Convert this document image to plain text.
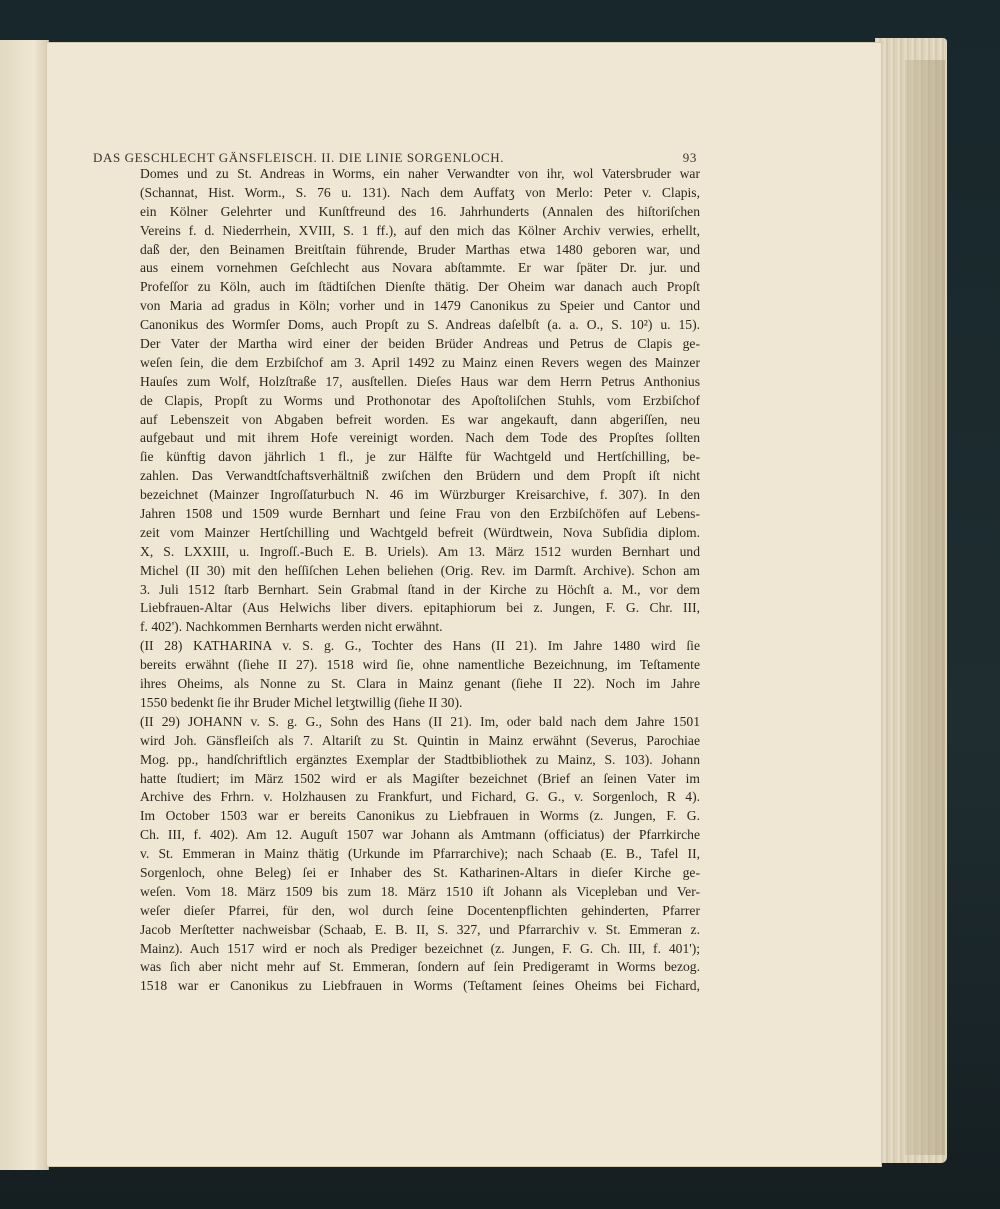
DAS GESCHLECHT GÄNSFLEISCH. II. DIE LINIE SORGENLOCH.	93
Domes und zu St. Andreas in Worms, ein naher Verwandter von ihr, wol Vatersbruder war
(Schannat, Hist. Worm., S. 76 u. 131). Nach dem Auffatʒ von Merlo: Peter v. Clapis,
ein Kölner Gelehrter und Kunſtfreund des 16. Jahrhunderts (Annalen des hiſtoriſchen
Vereins f. d. Niederrhein, XVIII, S. 1 ff.), auf den mich das Kölner Archiv verwies, erhellt,
daß der, den Beinamen Breitſtain führende, Bruder Marthas etwa 1480 geboren war, und
aus einem vornehmen Geſchlecht aus Novara abſtammte. Er war ſpäter Dr. jur. und
Profeſſor zu Köln, auch im ſtädtiſchen Dienſte thätig. Der Oheim war danach auch Propſt
von Maria ad gradus in Köln; vorher und in 1479 Canonikus zu Speier und Cantor und
Canonikus des Wormſer Doms, auch Propſt zu S. Andreas daſelbſt (a. a. O., S. 10²) u. 15).
Der Vater der Martha wird einer der beiden Brüder Andreas und Petrus de Clapis ge-
weſen ſein, die dem Erzbiſchof am 3. April 1492 zu Mainz einen Revers wegen des Mainzer
Hauſes zum Wolf, Holzſtraße 17, ausſtellen. Dieſes Haus war dem Herrn Petrus Anthonius
de Clapis, Propſt zu Worms und Prothonotar des Apoſtoliſchen Stuhls, vom Erzbiſchof
auf Lebenszeit von Abgaben befreit worden. Es war angekauft, dann abgeriſſen, neu
aufgebaut und mit ihrem Hofe vereinigt worden. Nach dem Tode des Propſtes ſollten
ſie künftig davon jährlich 1 fl., je zur Hälfte für Wachtgeld und Hertſchilling, be-
zahlen. Das Verwandtſchaftsverhältniß zwiſchen den Brüdern und dem Propſt iſt nicht
bezeichnet (Mainzer Ingroſſaturbuch N. 46 im Würzburger Kreisarchive, f. 307). In den
Jahren 1508 und 1509 wurde Bernhart und ſeine Frau von den Erzbiſchöfen auf Lebens-
zeit vom Mainzer Hertſchilling und Wachtgeld befreit (Würdtwein, Nova Subſidia diplom.
X, S. LXXIII, u. Ingroſſ.-Buch E. B. Uriels). Am 13. März 1512 wurden Bernhart und
Michel (II 30) mit den heſſiſchen Lehen beliehen (Orig. Rev. im Darmſt. Archive). Schon am
3. Juli 1512 ſtarb Bernhart. Sein Grabmal ſtand in der Kirche zu Höchſt a. M., vor dem
Liebfrauen-Altar (Aus Helwichs liber divers. epitaphiorum bei z. Jungen, F. G. Chr. III,
f. 402'). Nachkommen Bernharts werden nicht erwähnt.
(II 28) KATHARINA v. S. g. G., Tochter des Hans (II 21). Im Jahre 1480 wird ſie
bereits erwähnt (ſiehe II 27). 1518 wird ſie, ohne namentliche Bezeichnung, im Teſtamente
ihres Oheims, als Nonne zu St. Clara in Mainz genant (ſiehe II 22). Noch im Jahre
1550 bedenkt ſie ihr Bruder Michel letʒtwillig (ſiehe II 30).
(II 29) JOHANN v. S. g. G., Sohn des Hans (II 21). Im, oder bald nach dem Jahre 1501
wird Joh. Gänsfleiſch als 7. Altariſt zu St. Quintin in Mainz erwähnt (Severus, Parochiae
Mog. pp., handſchriftlich ergänztes Exemplar der Stadtbibliothek zu Mainz, S. 103). Johann
hatte ſtudiert; im März 1502 wird er als Magiſter bezeichnet (Brief an ſeinen Vater im
Archive des Frhrn. v. Holzhausen zu Frankfurt, und Fichard, G. G., v. Sorgenloch, R 4).
Im October 1503 war er bereits Canonikus zu Liebfrauen in Worms (z. Jungen, F. G.
Ch. III, f. 402). Am 12. Auguſt 1507 war Johann als Amtmann (officiatus) der Pfarrkirche
v. St. Emmeran in Mainz thätig (Urkunde im Pfarrarchive); nach Schaab (E. B., Tafel II,
Sorgenloch, ohne Beleg) ſei er Inhaber des St. Katharinen-Altars in dieſer Kirche ge-
weſen. Vom 18. März 1509 bis zum 18. März 1510 iſt Johann als Vicepleban und Ver-
weſer dieſer Pfarrei, für den, wol durch ſeine Docentenpflichten gehinderten, Pfarrer
Jacob Merſtetter nachweisbar (Schaab, E. B. II, S. 327, und Pfarrarchiv v. St. Emmeran z.
Mainz). Auch 1517 wird er noch als Prediger bezeichnet (z. Jungen, F. G. Ch. III, f. 401');
was ſich aber nicht mehr auf St. Emmeran, ſondern auf ſein Predigeramt in Worms bezog.
1518 war er Canonikus zu Liebfrauen in Worms (Teſtament ſeines Oheims bei Fichard,
